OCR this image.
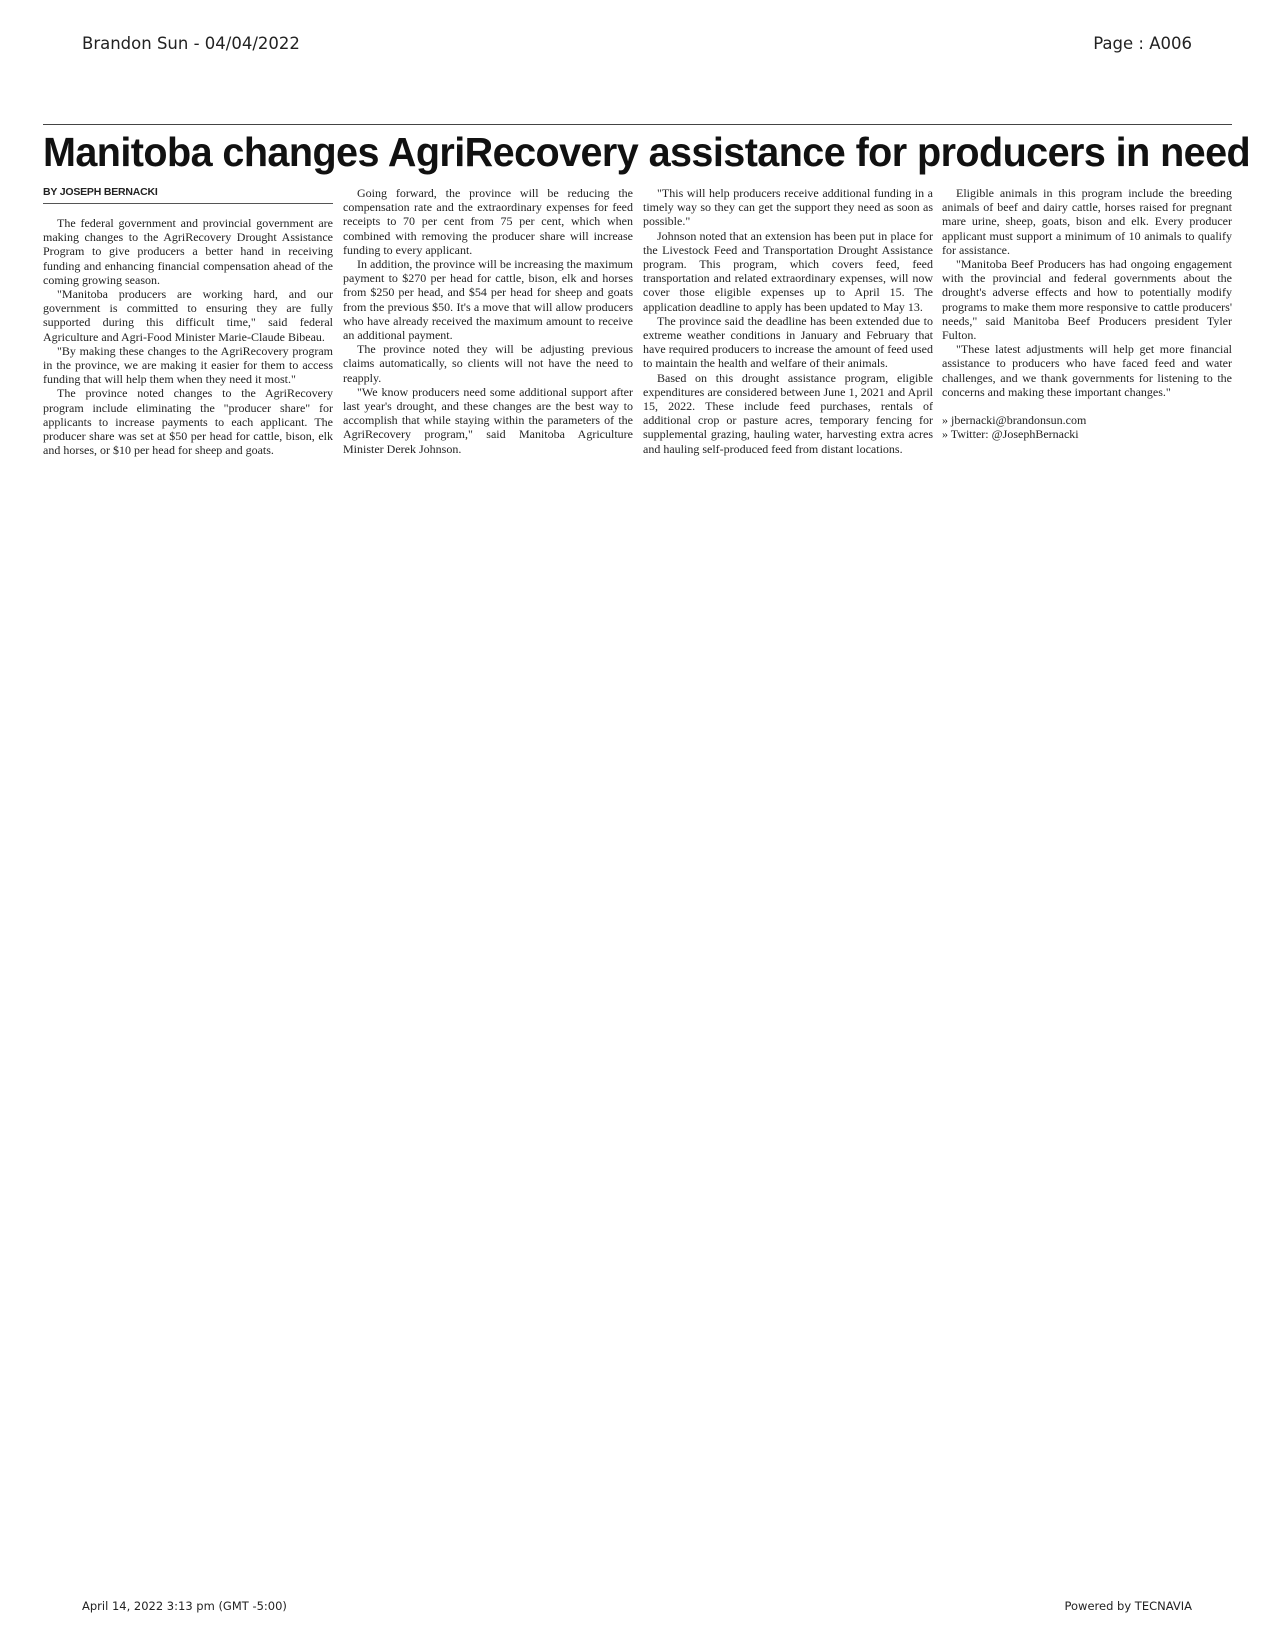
Brandon Sun - 04/04/2022	Page : A006
Manitoba changes AgriRecovery assistance for producers in need
BY JOSEPH BERNACKI

The federal government and provincial government are making changes to the AgriRecovery Drought Assistance Program to give producers a better hand in receiving funding and enhancing financial compensation ahead of the coming growing season.

"Manitoba producers are working hard, and our government is committed to ensuring they are fully supported during this difficult time," said federal Agriculture and Agri-Food Minister Marie-Claude Bibeau.

"By making these changes to the AgriRecovery program in the province, we are making it easier for them to access funding that will help them when they need it most."

The province noted changes to the AgriRecovery program include eliminating the "producer share" for applicants to increase payments to each applicant. The producer share was set at $50 per head for cattle, bison, elk and horses, or $10 per head for sheep and goats.

Going forward, the province will be reducing the compensation rate and the extraordinary expenses for feed receipts to 70 per cent from 75 per cent, which when combined with removing the producer share will increase funding to every applicant.

In addition, the province will be increasing the maximum payment to $270 per head for cattle, bison, elk and horses from $250 per head, and $54 per head for sheep and goats from the previous $50. It's a move that will allow producers who have already received the maximum amount to receive an additional payment.

The province noted they will be adjusting previous claims automatically, so clients will not have the need to reapply.

"We know producers need some additional support after last year's drought, and these changes are the best way to accomplish that while staying within the parameters of the AgriRecovery program," said Manitoba Agriculture Minister Derek Johnson.

"This will help producers receive additional funding in a timely way so they can get the support they need as soon as possible."

Johnson noted that an extension has been put in place for the Livestock Feed and Transportation Drought Assistance program. This program, which covers feed, feed transportation and related extraordinary expenses, will now cover those eligible expenses up to April 15. The application deadline to apply has been updated to May 13.

The province said the deadline has been extended due to extreme weather conditions in January and February that have required producers to increase the amount of feed used to maintain the health and welfare of their animals.

Based on this drought assistance program, eligible expenditures are considered between June 1, 2021 and April 15, 2022. These include feed purchases, rentals of additional crop or pasture acres, temporary fencing for supplemental grazing, hauling water, harvesting extra acres and hauling self-produced feed from distant locations.

Eligible animals in this program include the breeding animals of beef and dairy cattle, horses raised for pregnant mare urine, sheep, goats, bison and elk. Every producer applicant must support a minimum of 10 animals to qualify for assistance.

"Manitoba Beef Producers has had ongoing engagement with the provincial and federal governments about the drought's adverse effects and how to potentially modify programs to make them more responsive to cattle producers' needs," said Manitoba Beef Producers president Tyler Fulton.

"These latest adjustments will help get more financial assistance to producers who have faced feed and water challenges, and we thank governments for listening to the concerns and making these important changes."

» jbernacki@brandonsun.com

» Twitter: @JosephBernacki

April 14, 2022 3:13 pm (GMT -5:00)	Powered by TECNAVIA
